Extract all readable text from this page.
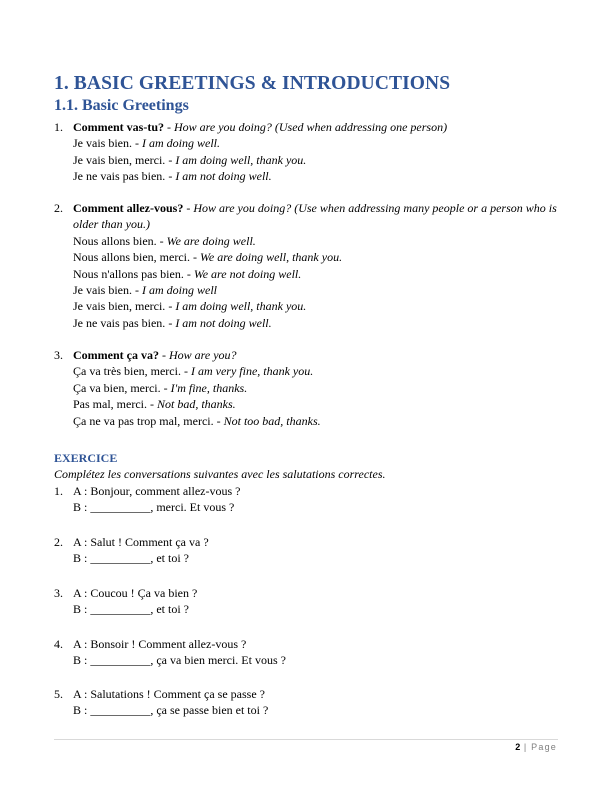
1. BASIC GREETINGS & INTRODUCTIONS
1.1. Basic Greetings
1. Comment vas-tu? - How are you doing? (Used when addressing one person)
Je vais bien. - I am doing well.
Je vais bien, merci. - I am doing well, thank you.
Je ne vais pas bien. - I am not doing well.
2. Comment allez-vous? - How are you doing? (Use when addressing many people or a person who is older than you.)
Nous allons bien. - We are doing well.
Nous allons bien, merci. - We are doing well, thank you.
Nous n'allons pas bien. - We are not doing well.
Je vais bien. - I am doing well
Je vais bien, merci. - I am doing well, thank you.
Je ne vais pas bien. - I am not doing well.
3. Comment ça va? - How are you?
Ça va très bien, merci. - I am very fine, thank you.
Ça va bien, merci. - I'm fine, thanks.
Pas mal, merci. - Not bad, thanks.
Ça ne va pas trop mal, merci. - Not too bad, thanks.
EXERCICE
Complétez les conversations suivantes avec les salutations correctes.
1. A : Bonjour, comment allez-vous ?
B : __________, merci. Et vous ?
2. A : Salut ! Comment ça va ?
B : __________, et toi ?
3. A : Coucou ! Ça va bien ?
B : __________, et toi ?
4. A : Bonsoir ! Comment allez-vous ?
B : __________, ça va bien merci. Et vous ?
5. A : Salutations ! Comment ça se passe ?
B : __________, ça se passe bien et toi ?
2 | Page
